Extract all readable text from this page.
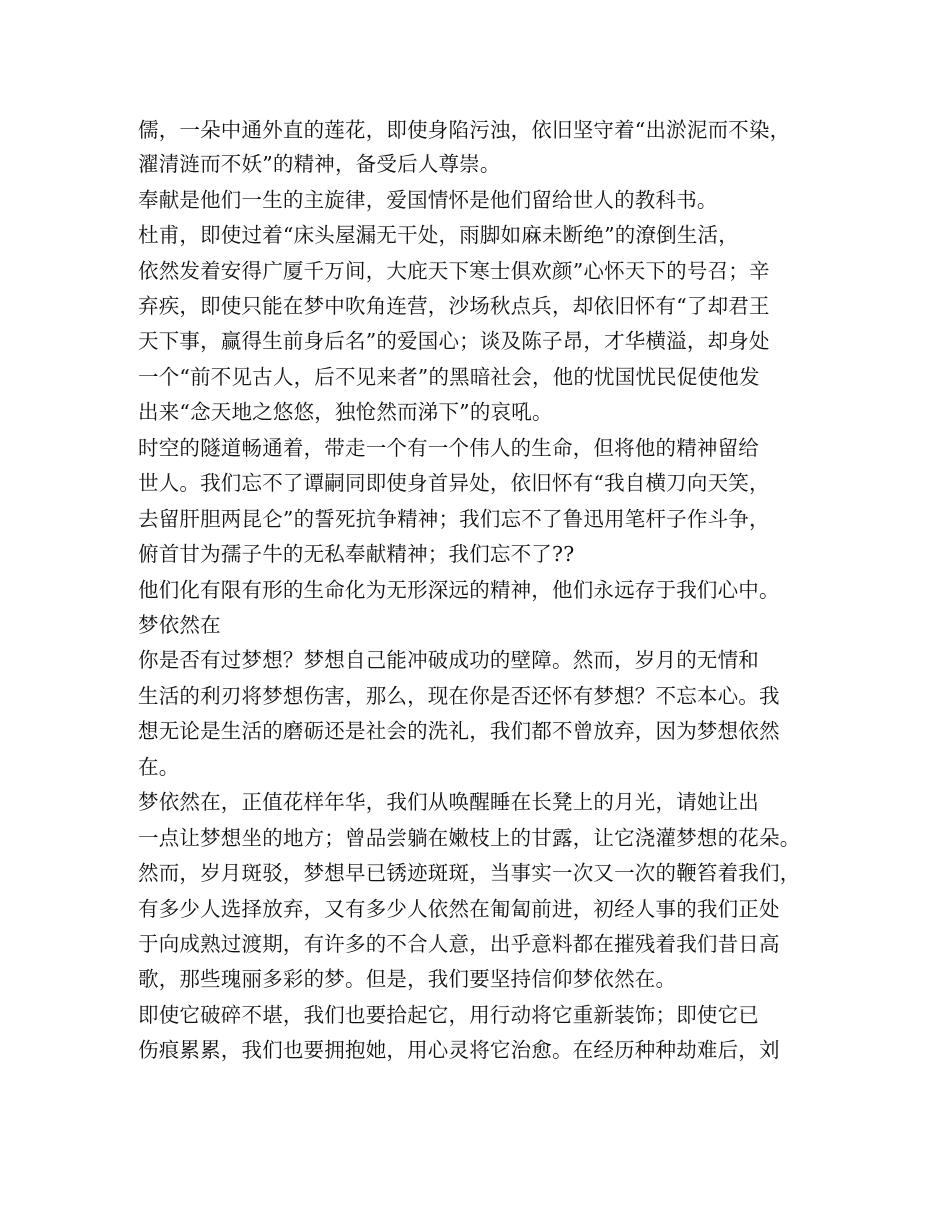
儒，一朵中通外直的莲花，即使身陷污浊，依旧坚守着“出淤泥而不染，
濯清涟而不妖”的精神，备受后人尊崇。
奉献是他们一生的主旋律，爱国情怀是他们留给世人的教科书。
杜甫，即使过着“床头屋漏无干处，雨脚如麻未断绝”的潦倒生活，
依然发着安得广厦千万间，大庇天下寒士俱欢颜”心怀天下的号召；辛
弃疾，即使只能在梦中吹角连营，沙场秋点兵，却依旧怀有“了却君王
天下事，赢得生前身后名”的爱国心；谈及陈子昂，才华横溢，却身处
一个“前不见古人，后不见来者”的黑暗社会，他的忧国忧民促使他发
出来“念天地之悠悠，独怆然而涕下”的哀吼。
时空的隧道畅通着，带走一个有一个伟人的生命，但将他的精神留给
世人。我们忘不了谭嗣同即使身首异处，依旧怀有“我自横刀向天笑，
去留肝胆两昆仑”的誓死抗争精神；我们忘不了鲁迅用笔杆子作斗争，
俯首甘为孺子牛的无私奉献精神；我们忘不了??
他们化有限有形的生命化为无形深远的精神，他们永远存于我们心中。
梦依然在
你是否有过梦想？梦想自己能冲破成功的壁障。然而，岁月的无情和
生活的利刃将梦想伤害，那么，现在你是否还怀有梦想？不忘本心。我
想无论是生活的磨砺还是社会的洗礼，我们都不曾放弃，因为梦想依然
在。
梦依然在，正值花样年华，我们从唤醒睡在长凳上的月光，请她让出
一点让梦想坐的地方；曾品尝躺在嫩枝上的甘露，让它浇灌梦想的花朵。
然而，岁月斑驳，梦想早已锈迹斑斑，当事实一次又一次的鞭笞着我们，
有多少人选择放弃，又有多少人依然在匍匐前进，初经人事的我们正处
于向成熟过渡期，有许多的不合人意，出乎意料都在摧残着我们昔日高
歌，那些瑰丽多彩的梦。但是，我们要坚持信仰梦依然在。
即使它破碎不堪，我们也要拾起它，用行动将它重新装饰；即使它已
伤痕累累，我们也要拥抱她，用心灵将它治愈。在经历种种劫难后，刘
